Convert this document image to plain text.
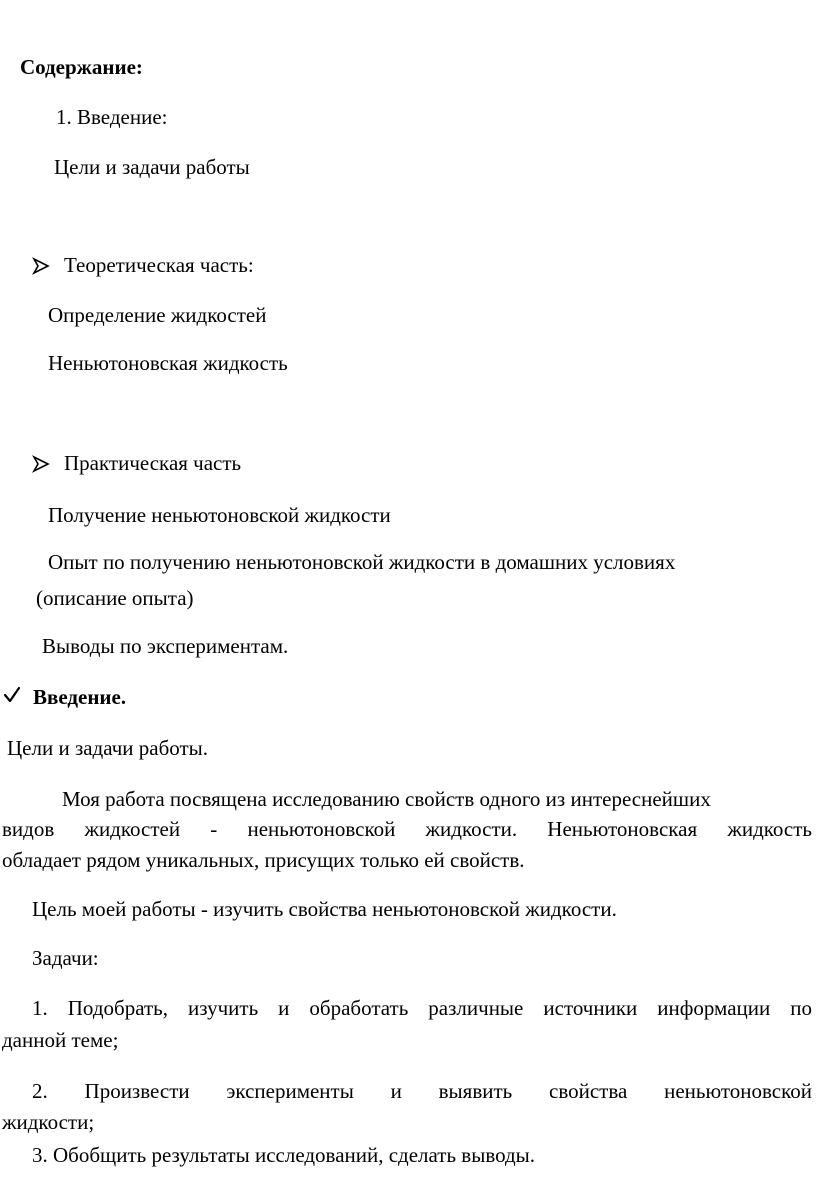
Содержание:
1. Введение:
Цели и задачи работы
Теоретическая часть:
Определение жидкостей
Неньютоновская жидкость
Практическая часть
Получение неньютоновской жидкости
Опыт по получению неньютоновской жидкости в домашних условиях
(описание опыта)
Выводы по экспериментам.
Введение.
Цели и задачи работы.
Моя работа посвящена исследованию свойств одного из интереснейших
видов жидкостей - неньютоновской жидкости. Неньютоновская жидкость
обладает рядом уникальных, присущих только ей свойств.
Цель моей работы - изучить свойства неньютоновской жидкости.
Задачи:
1. Подобрать, изучить и обработать различные источники информации по
данной теме;
2. Произвести эксперименты и выявить свойства неньютоновской
жидкости;
3. Обобщить результаты исследований, сделать выводы.
